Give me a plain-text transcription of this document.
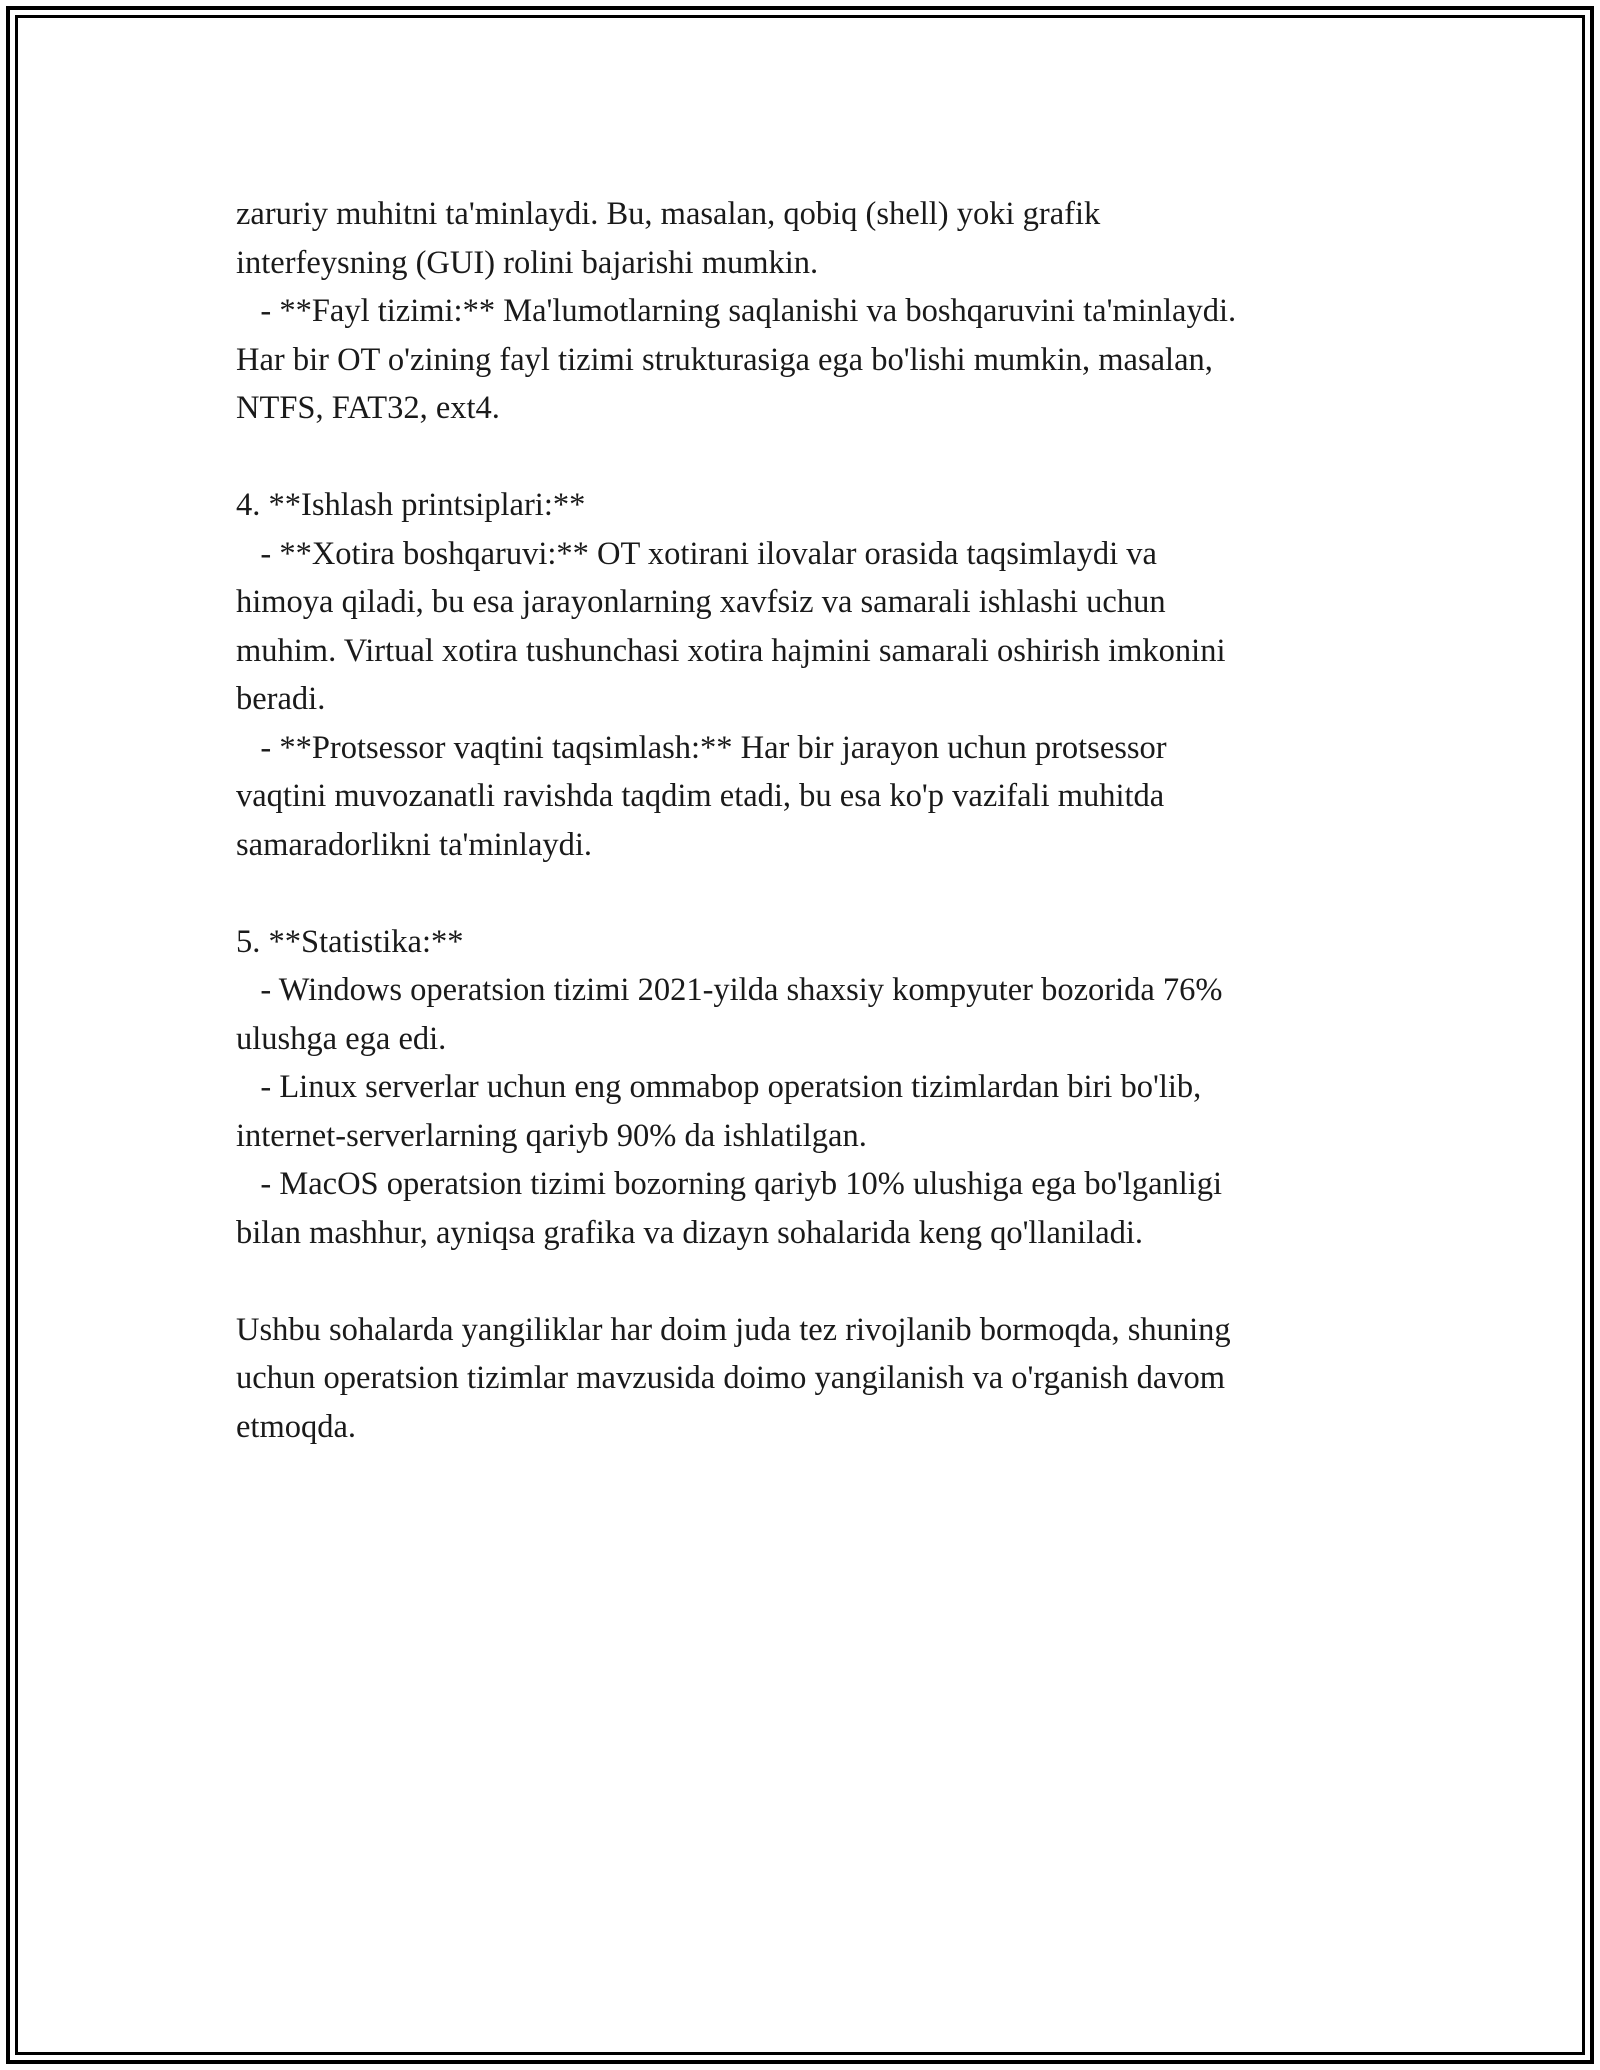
zaruriy muhitni ta'minlaydi. Bu, masalan, qobiq (shell) yoki grafik
interfeysning (GUI) rolini bajarishi mumkin.
- **Fayl tizimi:** Ma'lumotlarning saqlanishi va boshqaruvini ta'minlaydi.
Har bir OT o'zining fayl tizimi strukturasiga ega bo'lishi mumkin, masalan,
NTFS, FAT32, ext4.
4. **Ishlash printsiplari:**
- **Xotira boshqaruvi:** OT xotirani ilovalar orasida taqsimlaydi va
himoya qiladi, bu esa jarayonlarning xavfsiz va samarali ishlashi uchun
muhim. Virtual xotira tushunchasi xotira hajmini samarali oshirish imkonini
beradi.
- **Protsessor vaqtini taqsimlash:** Har bir jarayon uchun protsessor
vaqtini muvozanatli ravishda taqdim etadi, bu esa ko'p vazifali muhitda
samaradorlikni ta'minlaydi.
5. **Statistika:**
- Windows operatsion tizimi 2021-yilda shaxsiy kompyuter bozorida 76%
ulushga ega edi.
- Linux serverlar uchun eng ommabop operatsion tizimlardan biri bo'lib,
internet-serverlarning qariyb 90% da ishlatilgan.
- MacOS operatsion tizimi bozorning qariyb 10% ulushiga ega bo'lganligi
bilan mashhur, ayniqsa grafika va dizayn sohalarida keng qo'llaniladi.
Ushbu sohalarda yangiliklar har doim juda tez rivojlanib bormoqda, shuning
uchun operatsion tizimlar mavzusida doimo yangilanish va o'rganish davom
etmoqda.
